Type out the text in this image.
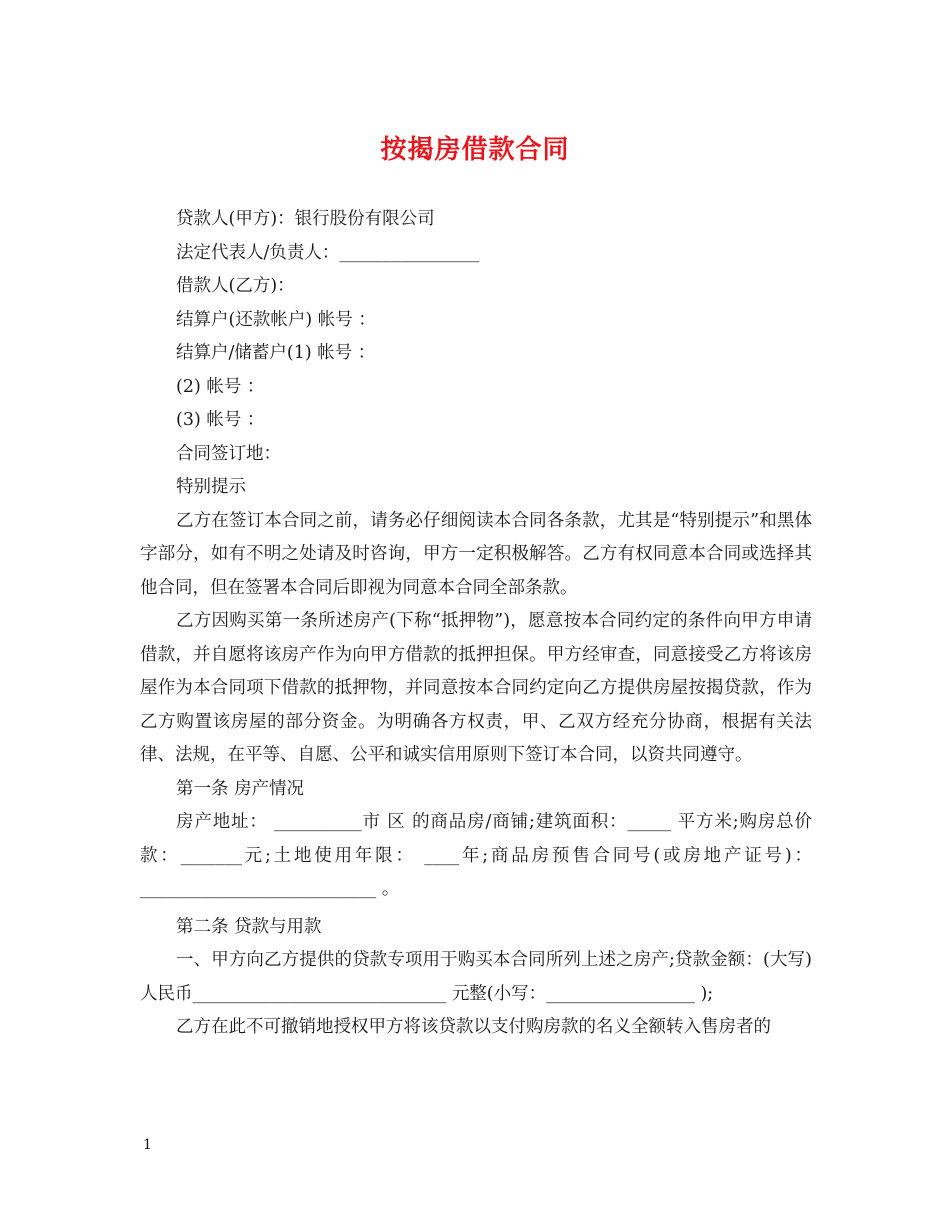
按揭房借款合同

贷款人(甲方)：银行股份有限公司

法定代表人/负责人：________________

借款人(乙方)：

结算户(还款帐户) 帐号 ：

结算户/储蓄户(1) 帐号 ：

(2) 帐号 ：

(3) 帐号 ：

合同签订地：

特别提示

乙方在签订本合同之前，请务必仔细阅读本合同各条款，尤其是“特别提示”和黑体字部分，如有不明之处请及时咨询，甲方一定积极解答。乙方有权同意本合同或选择其他合同，但在签署本合同后即视为同意本合同全部条款。

乙方因购买第一条所述房产(下称“抵押物”)，愿意按本合同约定的条件向甲方申请借款，并自愿将该房产作为向甲方借款的抵押担保。甲方经审查，同意接受乙方将该房屋作为本合同项下借款的抵押物，并同意按本合同约定向乙方提供房屋按揭贷款，作为乙方购置该房屋的部分资金。为明确各方权责，甲、乙双方经充分协商，根据有关法律、法规，在平等、自愿、公平和诚实信用原则下签订本合同，以资共同遵守。

第一条 房产情况

房产地址： __________市 区 的商品房/商铺;建筑面积：_____ 平方米;购房总价款：_______元;土地使用年限： ____年;商品房预售合同号(或房地产证号)：___________________________ 。

第二条 贷款与用款

一、甲方向乙方提供的贷款专项用于购买本合同所列上述之房产;贷款金额：(大写)人民币_____________________________ 元整(小写：_________________ );

乙方在此不可撤销地授权甲方将该贷款以支付购房款的名义全额转入售房者的

1
